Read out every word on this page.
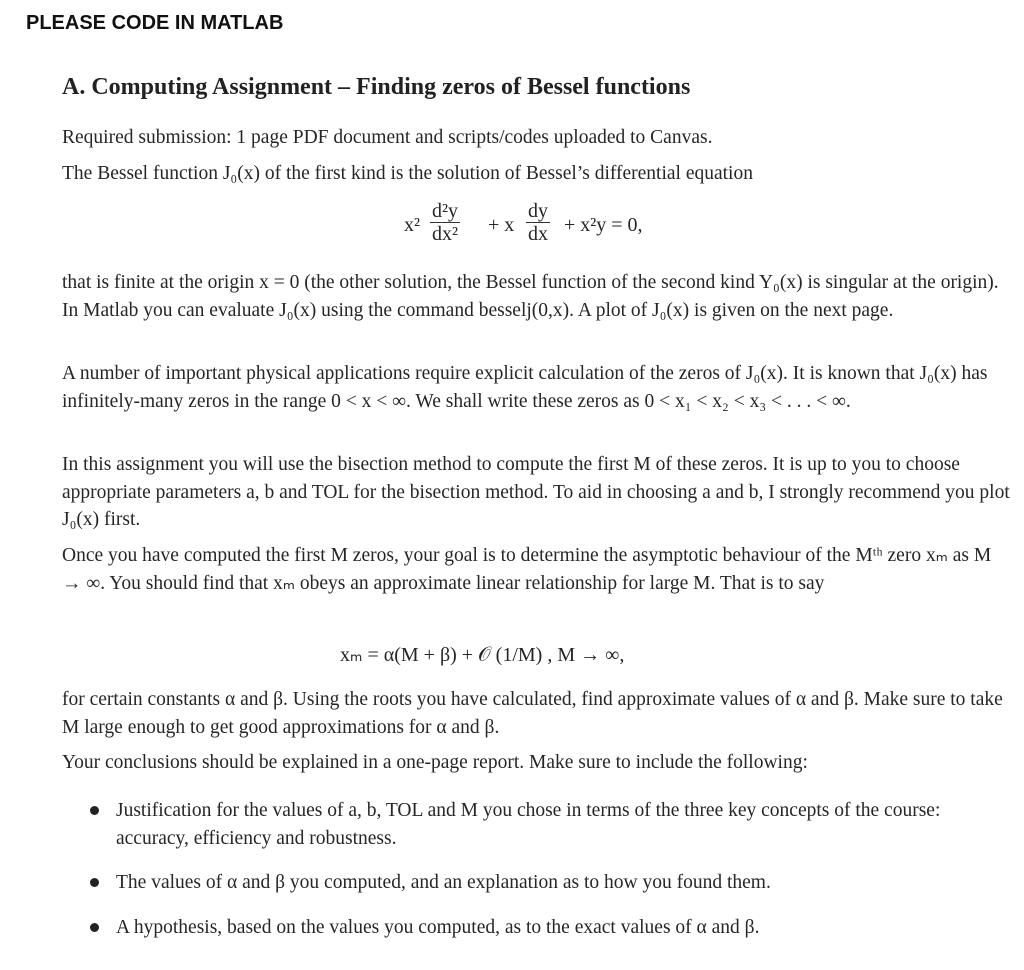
PLEASE CODE IN MATLAB
A. Computing Assignment – Finding zeros of Bessel functions
Required submission: 1 page PDF document and scripts/codes uploaded to Canvas.
The Bessel function J₀(x) of the first kind is the solution of Bessel’s differential equation
$x^2 \frac{\text{d²y}}{\text{dx²}} + x \frac{dy}{dx} + x^2y = 0$,
that is finite at the origin x = 0 (the other solution, the Bessel function of the second kind Y₀(x) is singular at the origin). In Matlab you can evaluate J₀(x) using the command besselj(0,x). A plot of J₀(x) is given on the next page.
A number of important physical applications require explicit calculation of the zeros of J₀(x). It is known that J₀(x) has infinitely-many zeros in the range 0 < x < ∞. We shall write these zeros as 0 < x₁ < x₂ < x₃ < . . . < ∞.
In this assignment you will use the bisection method to compute the first M of these zeros. It is up to you to choose appropriate parameters a, b and TOL for the bisection method. To aid in choosing a and b, I strongly recommend you plot J₀(x) first.
Once you have computed the first M zeros, your goal is to determine the asymptotic behaviour of the Mᵗʰ zero xₘ as M → ∞. You should find that xₘ obeys an approximate linear relationship for large M. That is to say
xₘ = α(M + β) + 𝒪 (1/M) , M → ∞,
for certain constants α and β. Using the roots you have calculated, find approximate values of α and β. Make sure to take M large enough to get good approximations for α and β.
Your conclusions should be explained in a one-page report. Make sure to include the following:
Justification for the values of a, b, TOL and M you chose in terms of the three key concepts of the course: accuracy, efficiency and robustness.
The values of α and β you computed, and an explanation as to how you found them.
A hypothesis, based on the values you computed, as to the exact values of α and β.
